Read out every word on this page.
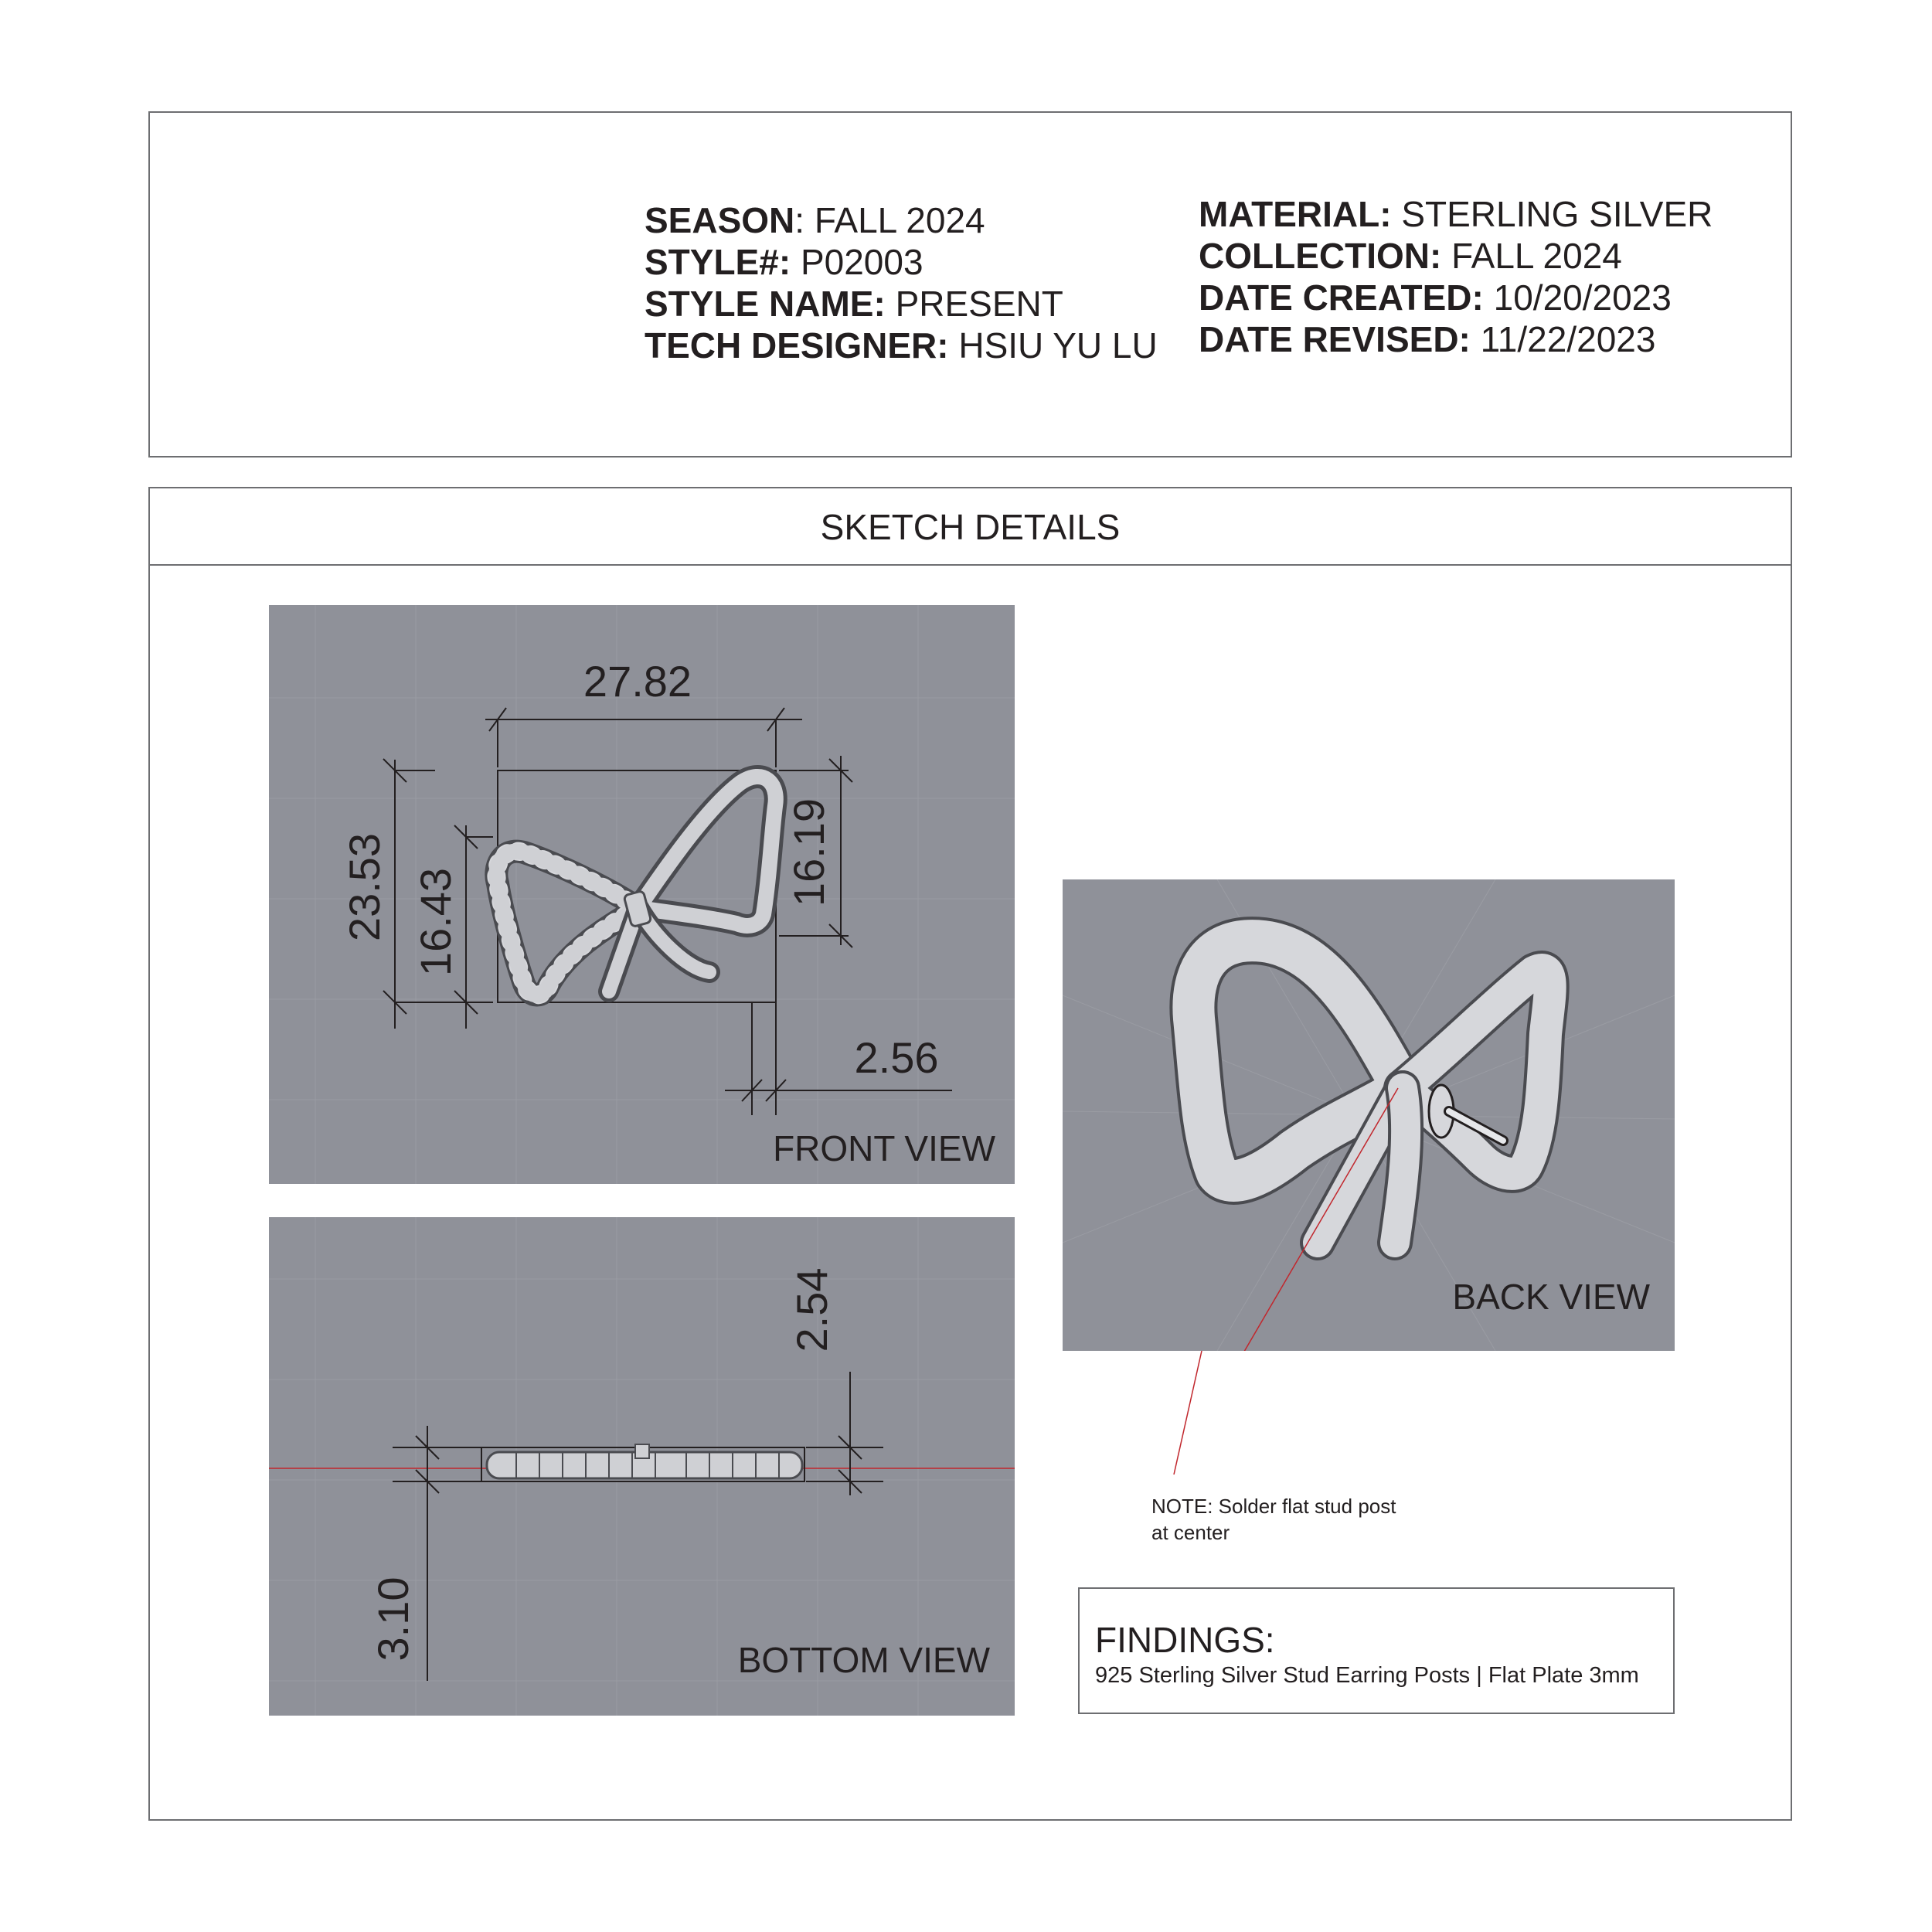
SEASON: FALL 2024
STYLE#: P02003
STYLE NAME: PRESENT
TECH DESIGNER: HSIU YU LU
MATERIAL: STERLING SILVER
COLLECTION: FALL 2024
DATE CREATED: 10/20/2023
DATE REVISED: 11/22/2023
SKETCH DETAILS
27.82
23.53 16.43
16.19
2.56
FRONT VIEW
2.54
3.10	BOTTOM VIEW
BACK VIEW
NOTE: Solder flat stud post
at center
FINDINGS:
925 Sterling Silver Stud Earring Posts | Flat Plate 3mm
